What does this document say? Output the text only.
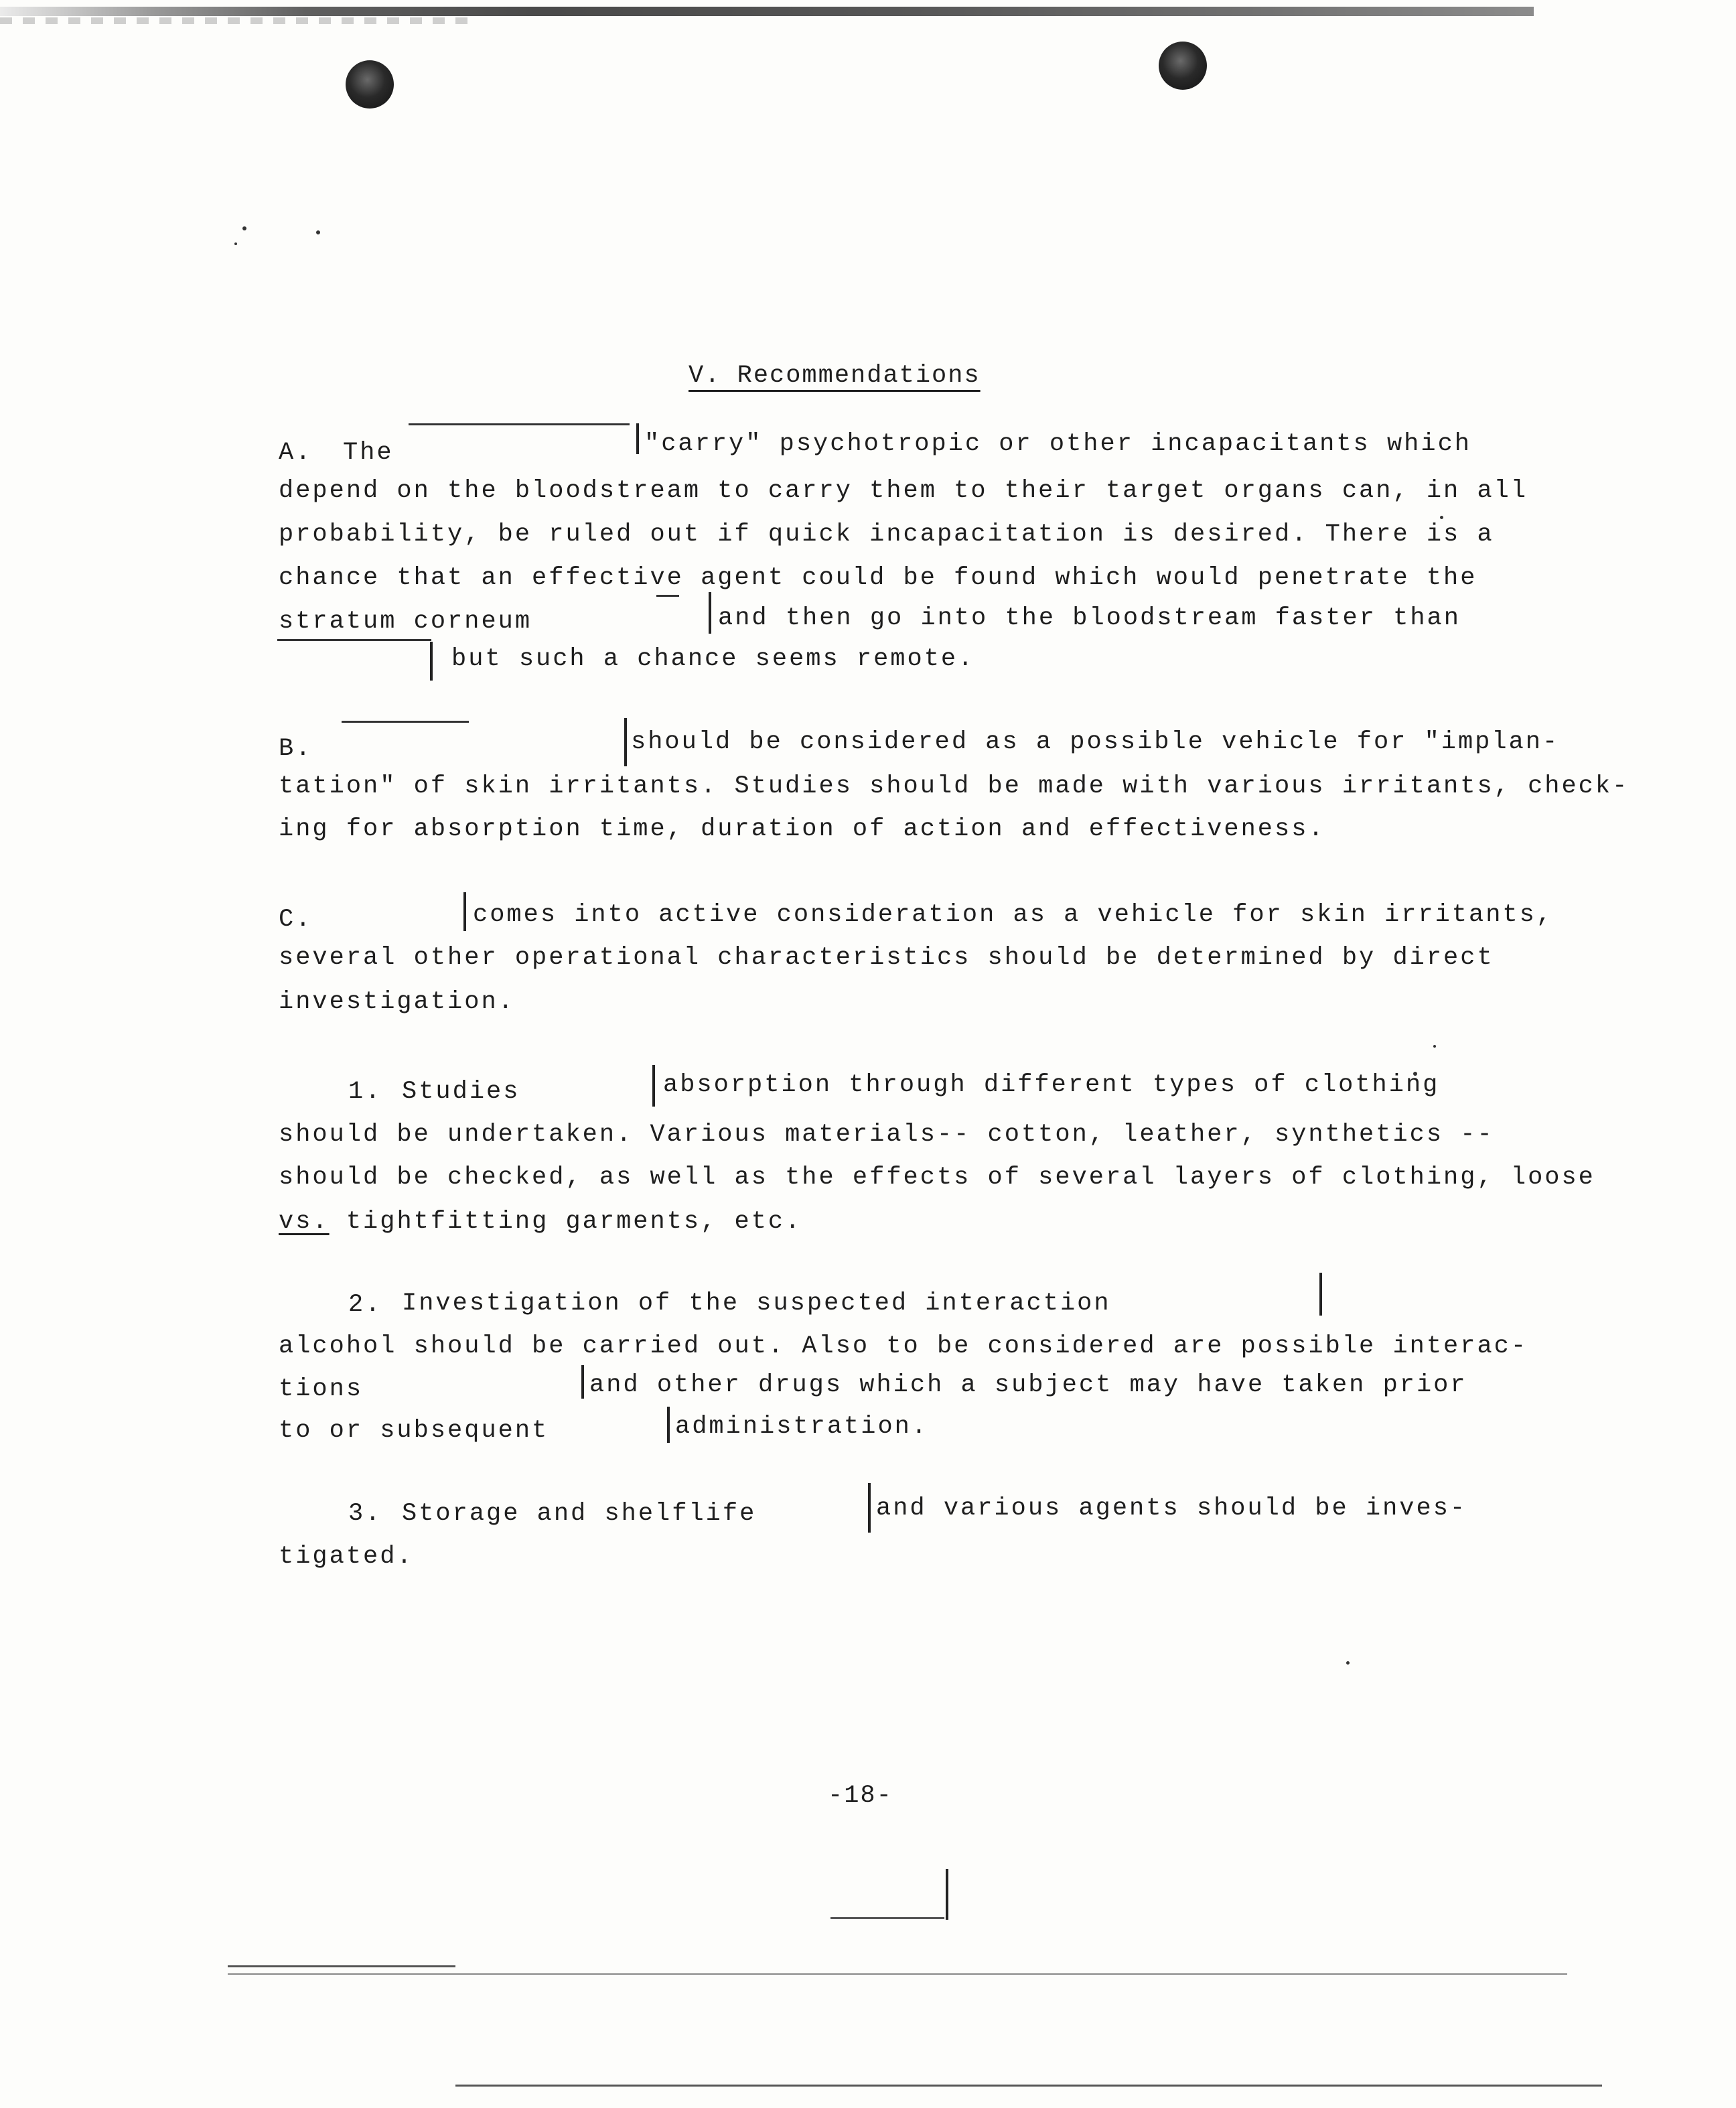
V. Recommendations
A. The	"carry" psychotropic or other incapacitants which
depend on the bloodstream to carry them to their target organs can, in all
probability, be ruled out if quick incapacitation is desired. There is a
chance that an effective agent could be found which would penetrate the
stratum corneum	and then go into the bloodstream faster than
but such a chance seems remote.
B.	should be considered as a possible vehicle for "implan-
tation" of skin irritants. Studies should be made with various irritants, check-
ing for absorption time, duration of action and effectiveness.
C.	comes into active consideration as a vehicle for skin irritants,
several other operational characteristics should be determined by direct
investigation.
1. Studies	absorption through different types of clothing
should be undertaken. Various materials-- cotton, leather, synthetics --
should be checked, as well as the effects of several layers of clothing, loose
vs. tightfitting garments, etc.
2. Investigation of the suspected interaction
alcohol should be carried out. Also to be considered are possible interac-
tions	and other drugs which a subject may have taken prior
to or subsequent	administration.
3. Storage and shelflife	and various agents should be inves-
tigated.
-18-
